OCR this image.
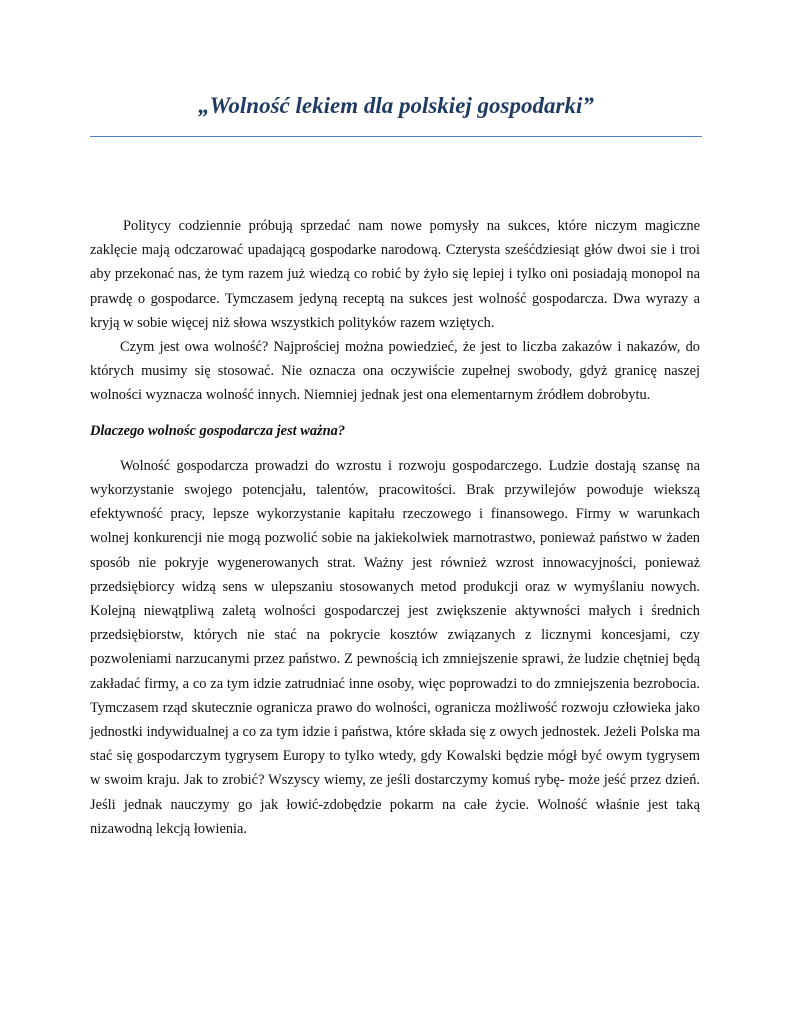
„Wolność lekiem dla polskiej gospodarki”

Politycy codziennie próbują sprzedać nam nowe pomysły na sukces, które niczym magiczne zaklęcie mają odczarować upadającą gospodarke narodową. Czterysta sześćdziesiąt głów dwoi sie i troi aby przekonać nas, że tym razem już wiedzą co robić by żyło się lepiej i tylko oni posiadają monopol na prawdę o gospodarce. Tymczasem jedyną receptą na sukces jest wolność gospodarcza. Dwa wyrazy a kryją w sobie więcej niż słowa wszystkich polityków razem wziętych.

Czym jest owa wolność? Najprościej można powiedzieć, że jest to liczba zakazów i nakazów, do których musimy się stosować. Nie oznacza ona oczywiście zupełnej swobody, gdyż granicę naszej wolności wyznacza wolność innych. Niemniej jednak jest ona elementarnym źródłem dobrobytu.

Dlaczego wolnośc gospodarcza jest ważna?

Wolność gospodarcza prowadzi do wzrostu i rozwoju gospodarczego. Ludzie dostają szansę na wykorzystanie swojego potencjału, talentów, pracowitości. Brak przywilejów powoduje wiekszą efektywność pracy, lepsze wykorzystanie kapitału rzeczowego i finansowego. Firmy w warunkach wolnej konkurencji nie mogą pozwolić sobie na jakiekolwiek marnotrastwo, ponieważ państwo w żaden sposób nie pokryje wygenerowanych strat. Ważny jest również wzrost innowacyjności, ponieważ przedsiębiorcy widzą sens w ulepszaniu stosowanych metod produkcji oraz w wymyślaniu nowych. Kolejną niewątpliwą zaletą wolności gospodarczej jest zwiększenie aktywności małych i średnich przedsiębiorstw, których nie stać na pokrycie kosztów związanych z licznymi koncesjami, czy pozwoleniami narzucanymi przez państwo. Z pewnością ich zmniejszenie sprawi, że ludzie chętniej będą zakładać firmy, a co za tym idzie zatrudniać inne osoby, więc poprowadzi to do zmniejszenia bezrobocia. Tymczasem rząd skutecznie ogranicza prawo do wolności, ogranicza możliwość rozwoju człowieka jako jednostki indywidualnej a co za tym idzie i państwa, które składa się z owych jednostek. Jeżeli Polska ma stać się gospodarczym tygrysem Europy to tylko wtedy, gdy Kowalski będzie mógł być owym tygrysem w swoim kraju. Jak to zrobić? Wszyscy wiemy, ze jeśli dostarczymy komuś rybę- może jeść przez dzień. Jeśli jednak nauczymy go jak łowić-zdobędzie pokarm na całe życie. Wolność właśnie jest taką nizawodną lekcją łowienia.
